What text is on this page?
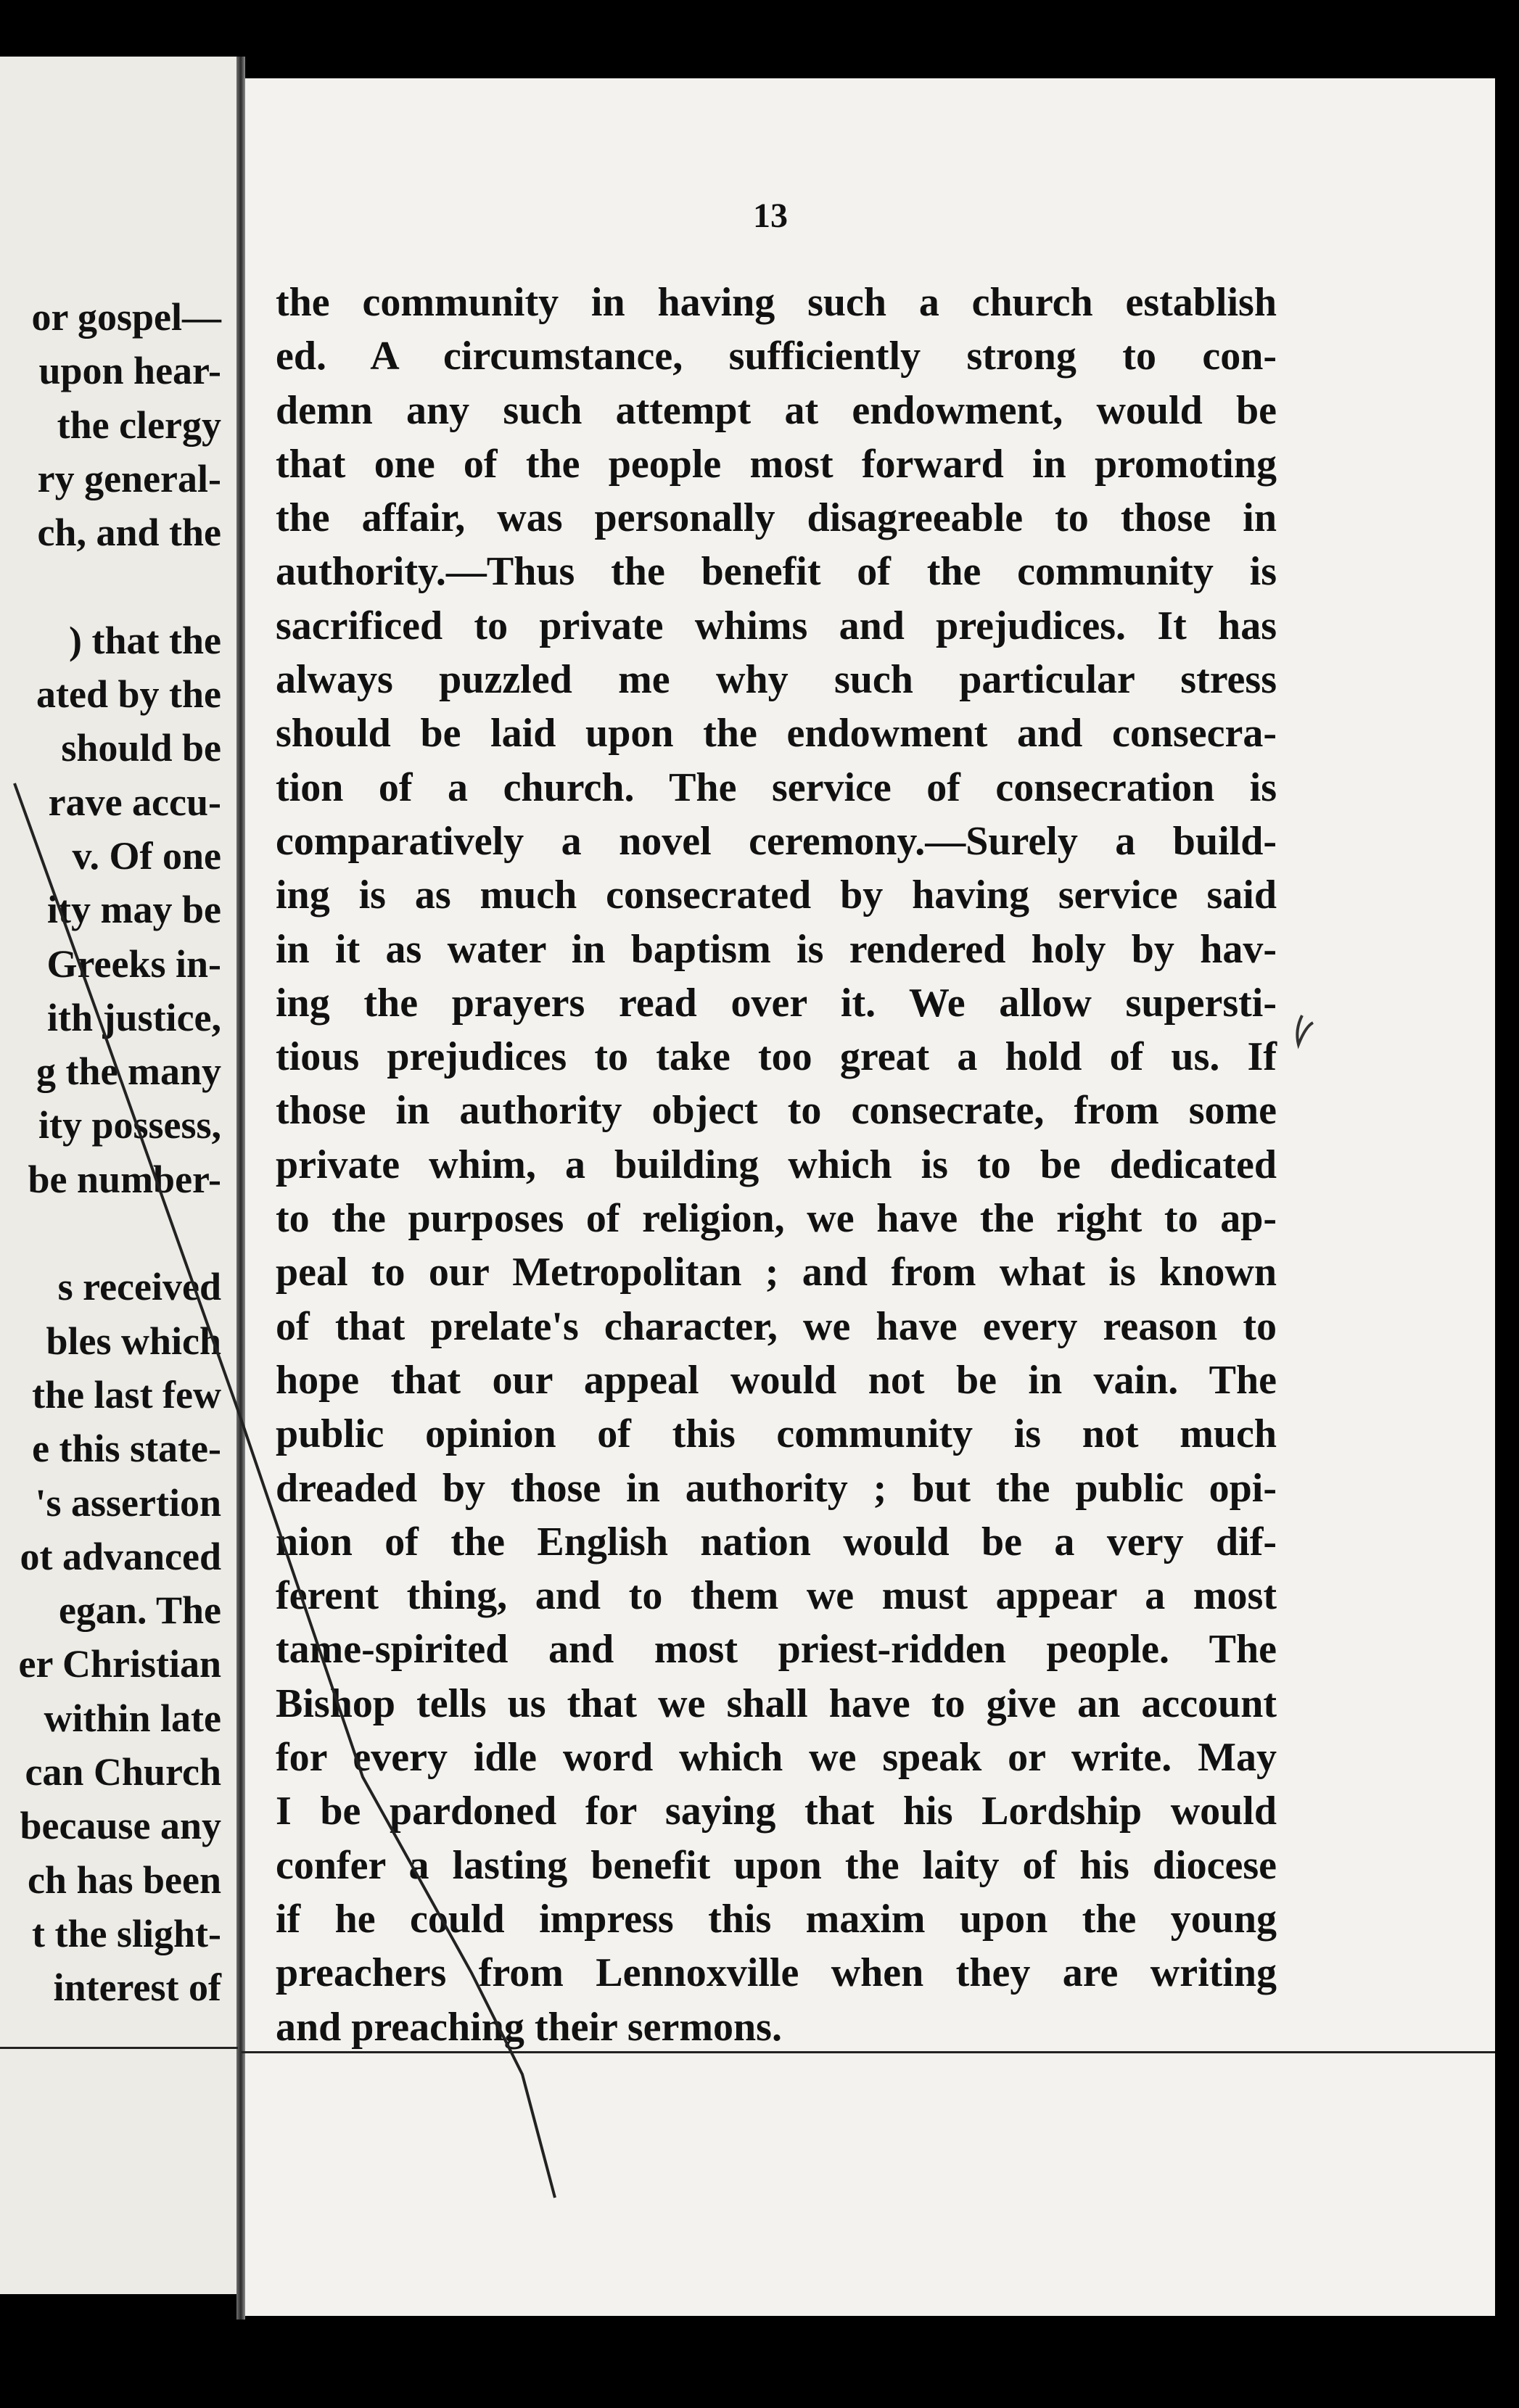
13
or gospel—
upon hear-
the clergy
ry general-
ch, and the
) that the
ated by the
should be
rave accu-
v. Of one
ity may be
Greeks in-
ith justice,
g the many
ity possess,
be number-
s received
bles which
the last few
e this state-
's assertion
ot advanced
egan. The
er Christian
within late
can Church
because any
ch has been
t the slight-
interest of
the community in having such a church establish
ed. A circumstance, sufficiently strong to con-
demn any such attempt at endowment, would be
that one of the people most forward in promoting
the affair, was personally disagreeable to those in
authority.—Thus the benefit of the community is
sacrificed to private whims and prejudices. It has
always puzzled me why such particular stress
should be laid upon the endowment and consecra-
tion of a church. The service of consecration is
comparatively a novel ceremony.—Surely a build-
ing is as much consecrated by having service said
in it as water in baptism is rendered holy by hav-
ing the prayers read over it. We allow supersti-
tious prejudices to take too great a hold of us. If
those in authority object to consecrate, from some
private whim, a building which is to be dedicated
to the purposes of religion, we have the right to ap-
peal to our Metropolitan ; and from what is known
of that prelate's character, we have every reason to
hope that our appeal would not be in vain. The
public opinion of this community is not much
dreaded by those in authority ; but the public opi-
nion of the English nation would be a very dif-
ferent thing, and to them we must appear a most
tame-spirited and most priest-ridden people. The
Bishop tells us that we shall have to give an account
for every idle word which we speak or write. May
I be pardoned for saying that his Lordship would
confer a lasting benefit upon the laity of his diocese
if he could impress this maxim upon the young
preachers from Lennoxville when they are writing
and preaching their sermons.
